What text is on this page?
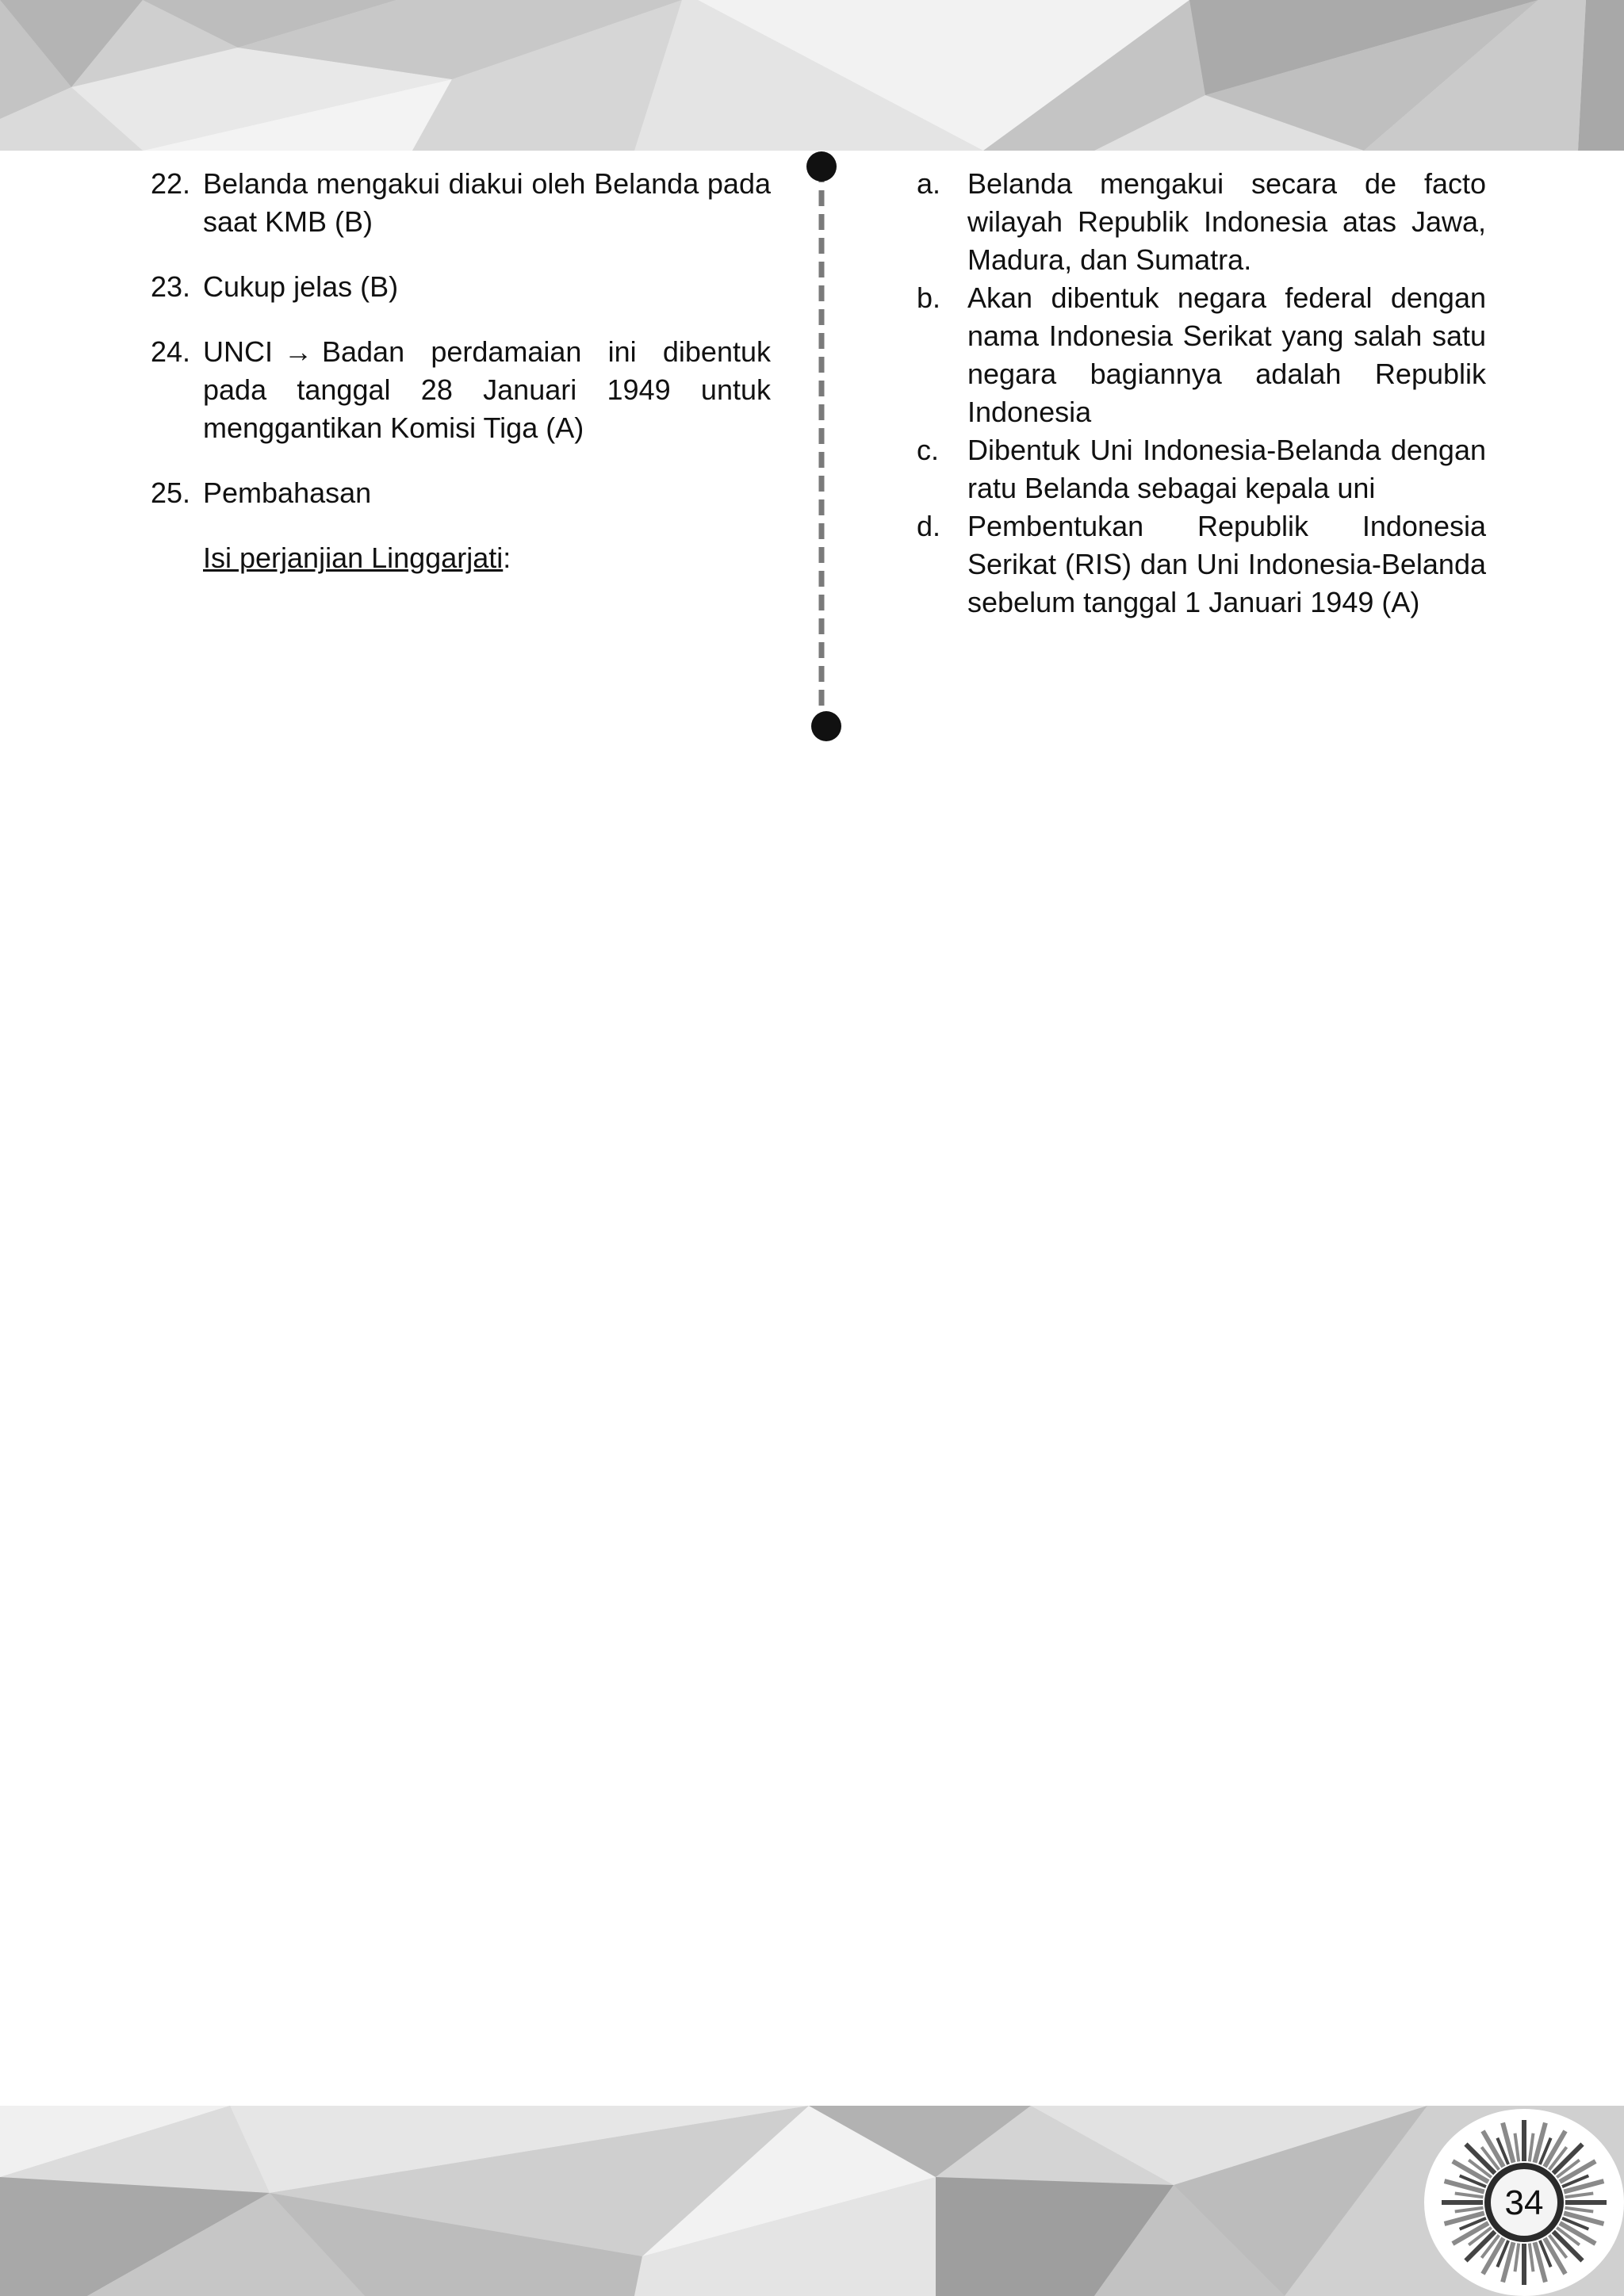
22. Belanda mengakui diakui oleh Belanda pada saat KMB (B)
23. Cukup jelas (B)
24. UNCI → Badan perdamaian ini dibentuk pada tanggal 28 Januari 1949 untuk menggantikan Komisi Tiga (A)
25. Pembahasan
Isi perjanjian Linggarjati:
a. Belanda mengakui secara de facto wilayah Republik Indonesia atas Jawa, Madura, dan Sumatra.
b. Akan dibentuk negara federal dengan nama Indonesia Serikat yang salah satu negara bagiannya adalah Republik Indonesia
c. Dibentuk Uni Indonesia-Belanda dengan ratu Belanda sebagai kepala uni
d. Pembentukan Republik Indonesia Serikat (RIS) dan Uni Indonesia-Belanda sebelum tanggal 1 Januari 1949 (A)
34
